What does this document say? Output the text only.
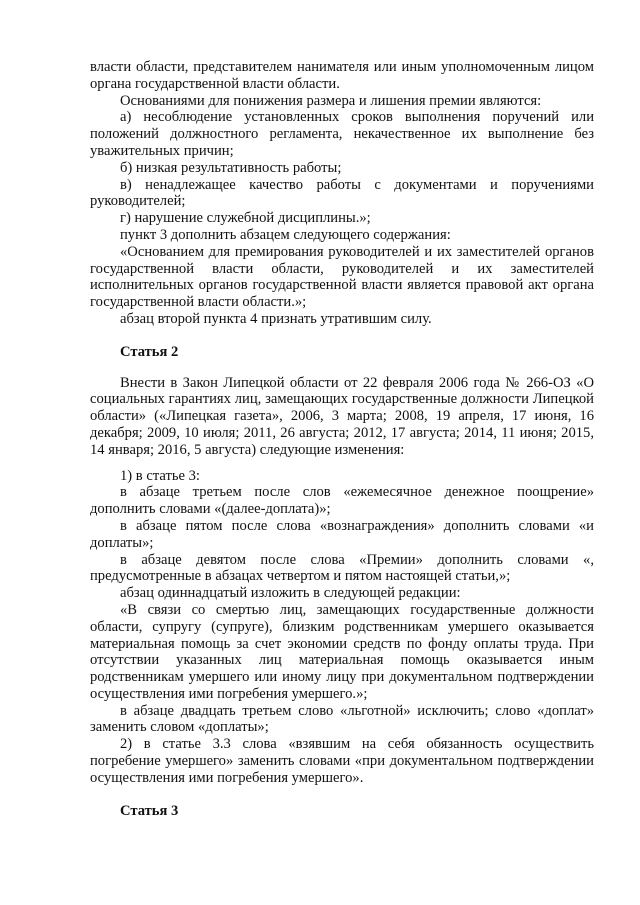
власти области, представителем нанимателя или иным уполномоченным лицом органа государственной власти области.

Основаниями для понижения размера и лишения премии являются:

а) несоблюдение установленных сроков выполнения поручений или положений должностного регламента, некачественное их выполнение без уважительных причин;

б) низкая результативность работы;

в) ненадлежащее качество работы с документами и поручениями руководителей;

г) нарушение служебной дисциплины.»;

пункт 3 дополнить абзацем следующего содержания:

«Основанием для премирования руководителей и их заместителей органов государственной власти области, руководителей и их заместителей исполнительных органов государственной власти является правовой акт органа государственной власти области.»;

абзац второй пункта 4 признать утратившим силу.

Статья 2

Внести в Закон Липецкой области от 22 февраля 2006 года № 266-ОЗ «О социальных гарантиях лиц, замещающих государственные должности Липецкой области» («Липецкая газета», 2006, 3 марта; 2008, 19 апреля, 17 июня, 16 декабря; 2009, 10 июля; 2011, 26 августа; 2012, 17 августа; 2014, 11 июня; 2015, 14 января; 2016, 5 августа) следующие изменения:

1) в статье 3:

в абзаце третьем после слов «ежемесячное денежное поощрение» дополнить словами «(далее-доплата)»;

в абзаце пятом после слова «вознаграждения» дополнить словами «и доплаты»;

в абзаце девятом после слова «Премии» дополнить словами «, предусмотренные в абзацах четвертом и пятом настоящей статьи,»;

абзац одиннадцатый изложить в следующей редакции:

«В связи со смертью лиц, замещающих государственные должности области, супругу (супруге), близким родственникам умершего оказывается материальная помощь за счет экономии средств по фонду оплаты труда. При отсутствии указанных лиц материальная помощь оказывается иным родственникам умершего или иному лицу при документальном подтверждении осуществления ими погребения умершего.»;

в абзаце двадцать третьем слово «льготной» исключить; слово «доплат» заменить словом «доплаты»;

2) в статье 3.3 слова «взявшим на себя обязанность осуществить погребение умершего» заменить словами «при документальном подтверждении осуществления ими погребения умершего».

Статья 3
